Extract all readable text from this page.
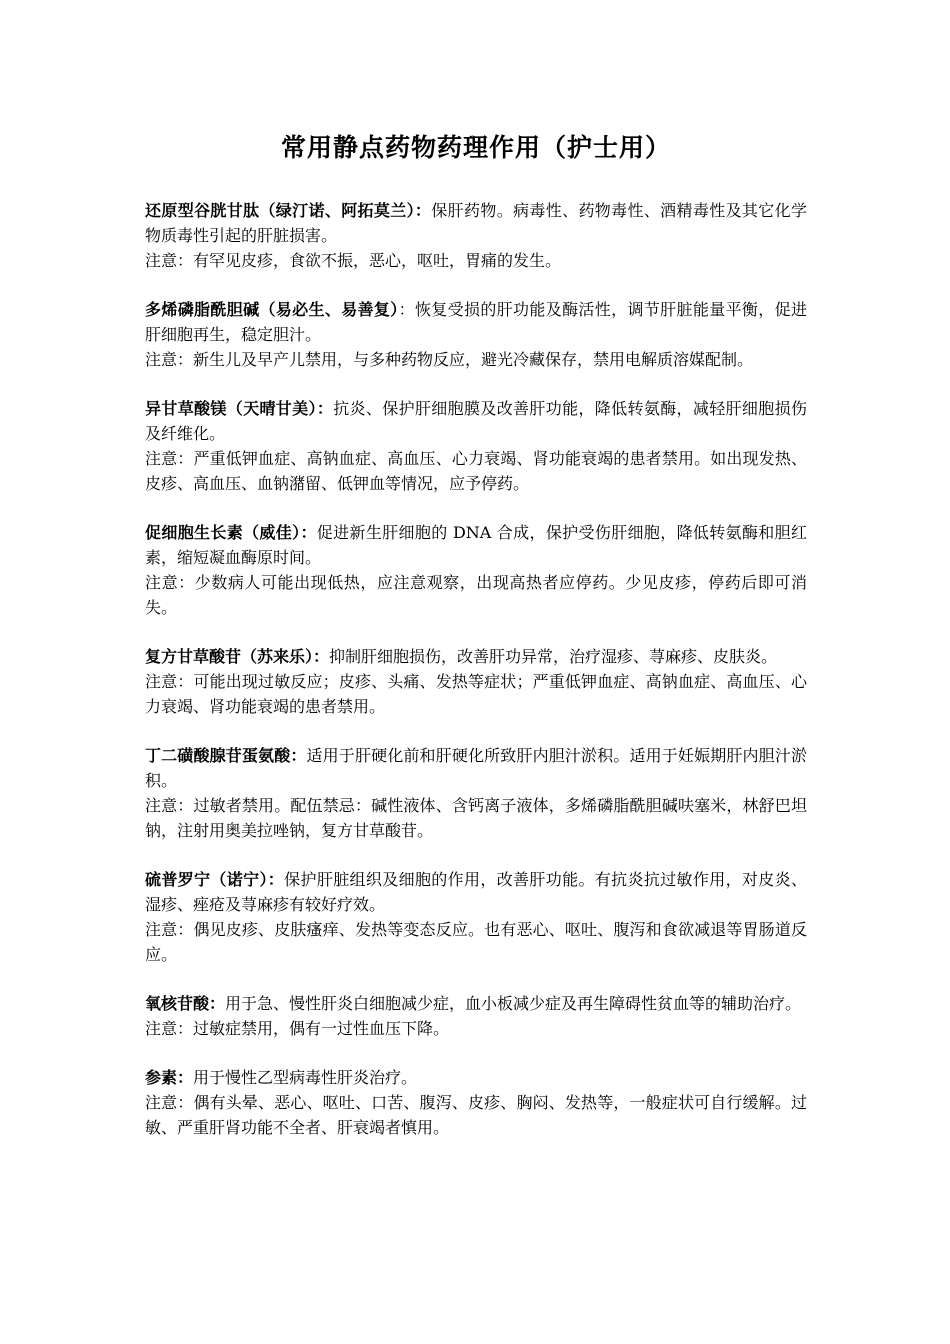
常用静点药物药理作用（护士用）

还原型谷胱甘肽（绿汀诺、阿拓莫兰）：保肝药物。病毒性、药物毒性、酒精毒性及其它化学物质毒性引起的肝脏损害。

注意：有罕见皮疹，食欲不振，恶心，呕吐，胃痛的发生。

多烯磷脂酰胆碱（易必生、易善复）：恢复受损的肝功能及酶活性，调节肝脏能量平衡，促进肝细胞再生，稳定胆汁。

注意：新生儿及早产儿禁用，与多种药物反应，避光冷藏保存，禁用电解质溶媒配制。

异甘草酸镁（天晴甘美）：抗炎、保护肝细胞膜及改善肝功能，降低转氨酶，减轻肝细胞损伤及纤维化。

注意：严重低钾血症、高钠血症、高血压、心力衰竭、肾功能衰竭的患者禁用。如出现发热、皮疹、高血压、血钠潴留、低钾血等情况，应予停药。

促细胞生长素（威佳）：促进新生肝细胞的 DNA 合成，保护受伤肝细胞，降低转氨酶和胆红素，缩短凝血酶原时间。

注意：少数病人可能出现低热，应注意观察，出现高热者应停药。少见皮疹，停药后即可消失。

复方甘草酸苷（苏来乐）：抑制肝细胞损伤，改善肝功异常，治疗湿疹、荨麻疹、皮肤炎。

注意：可能出现过敏反应；皮疹、头痛、发热等症状；严重低钾血症、高钠血症、高血压、心力衰竭、肾功能衰竭的患者禁用。

丁二磺酸腺苷蛋氨酸：适用于肝硬化前和肝硬化所致肝内胆汁淤积。适用于妊娠期肝内胆汁淤积。

注意：过敏者禁用。配伍禁忌：碱性液体、含钙离子液体，多烯磷脂酰胆碱呋塞米，林舒巴坦钠，注射用奥美拉唑钠，复方甘草酸苷。

硫普罗宁（诺宁）：保护肝脏组织及细胞的作用，改善肝功能。有抗炎抗过敏作用，对皮炎、湿疹、痤疮及荨麻疹有较好疗效。

注意：偶见皮疹、皮肤瘙痒、发热等变态反应。也有恶心、呕吐、腹泻和食欲减退等胃肠道反应。

氧核苷酸：用于急、慢性肝炎白细胞减少症，血小板减少症及再生障碍性贫血等的辅助治疗。

注意：过敏症禁用，偶有一过性血压下降。

参素：用于慢性乙型病毒性肝炎治疗。

注意：偶有头晕、恶心、呕吐、口苦、腹泻、皮疹、胸闷、发热等，一般症状可自行缓解。过敏、严重肝肾功能不全者、肝衰竭者慎用。
